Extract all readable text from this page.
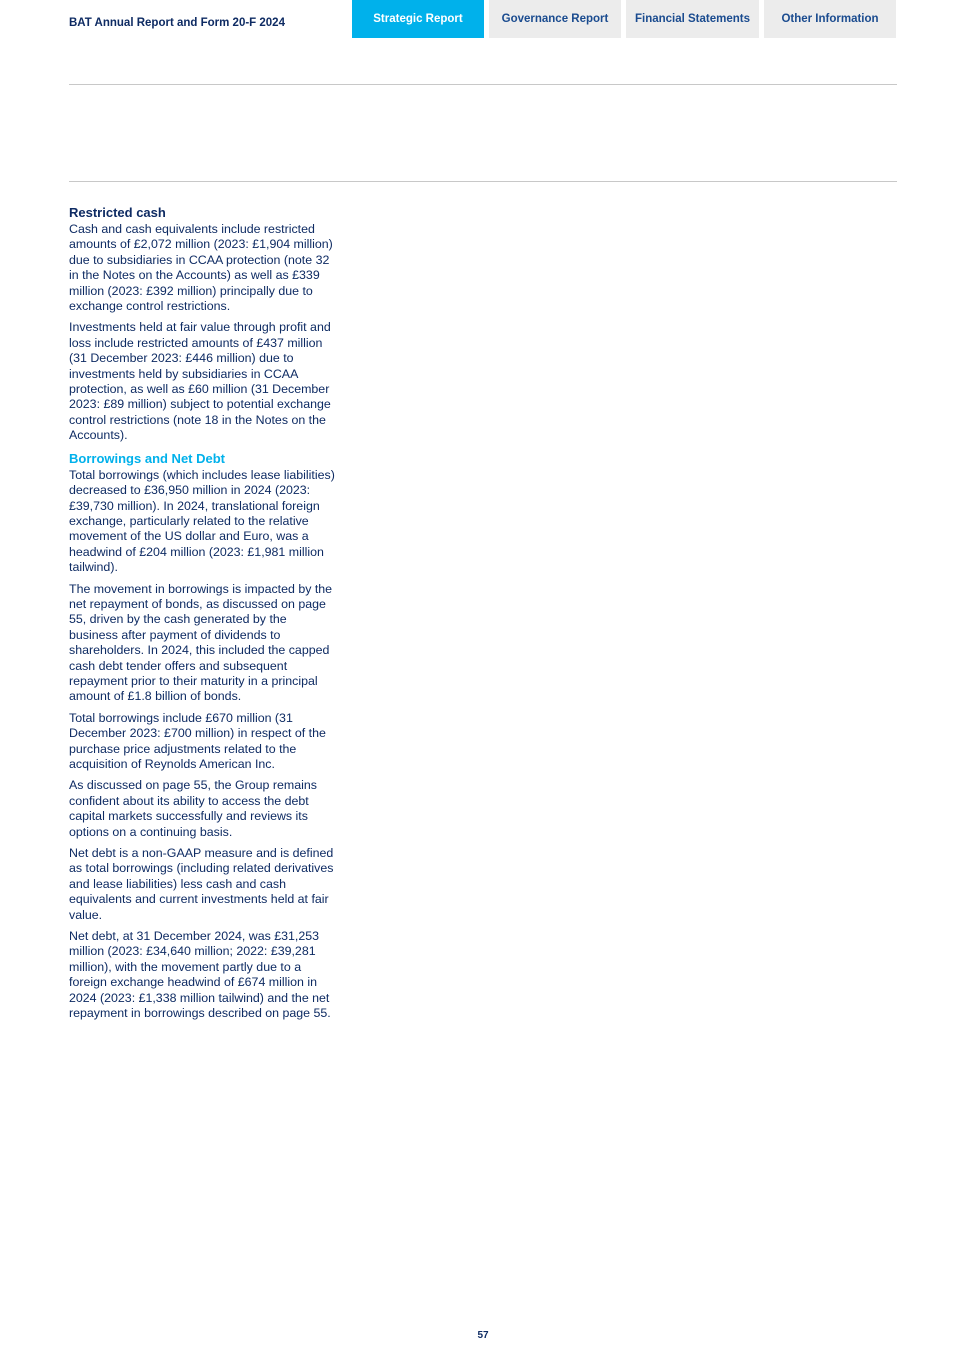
BAT Annual Report and Form 20-F 2024	Strategic Report	Governance Report	Financial Statements	Other Information
Restricted cash

Cash and cash equivalents include restricted amounts of £2,072 million (2023: £1,904 million) due to subsidiaries in CCAA protection (note 32 in the Notes on the Accounts) as well as £339 million (2023: £392 million) principally due to exchange control restrictions.

Investments held at fair value through profit and loss include restricted amounts of £437 million (31 December 2023: £446 million) due to investments held by subsidiaries in CCAA protection, as well as £60 million (31 December 2023: £89 million) subject to potential exchange control restrictions (note 18 in the Notes on the Accounts).

Borrowings and Net Debt

Total borrowings (which includes lease liabilities) decreased to £36,950 million in 2024 (2023: £39,730 million). In 2024, translational foreign exchange, particularly related to the relative movement of the US dollar and Euro, was a headwind of £204 million (2023: £1,981 million tailwind).

The movement in borrowings is impacted by the net repayment of bonds, as discussed on page 55, driven by the cash generated by the business after payment of dividends to shareholders. In 2024, this included the capped cash debt tender offers and subsequent repayment prior to their maturity in a principal amount of £1.8 billion of bonds.

Total borrowings include £670 million (31 December 2023: £700 million) in respect of the purchase price adjustments related to the acquisition of Reynolds American Inc.

As discussed on page 55, the Group remains confident about its ability to access the debt capital markets successfully and reviews its options on a continuing basis.

Net debt is a non-GAAP measure and is defined as total borrowings (including related derivatives and lease liabilities) less cash and cash equivalents and current investments held at fair value.

Net debt, at 31 December 2024, was £31,253 million (2023: £34,640 million; 2022: £39,281 million), with the movement partly due to a foreign exchange headwind of £674 million in 2024 (2023: £1,338 million tailwind) and the net repayment in borrowings described on page 55.

57
